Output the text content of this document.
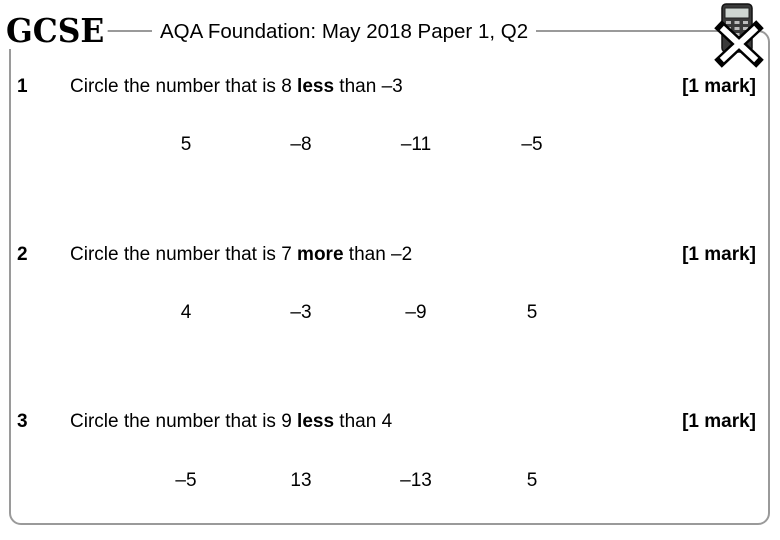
GCSE	AQA Foundation: May 2018 Paper 1, Q2
1 Circle the number that is 8 less than –3	[1 mark]
5	–8	–11	–5
2 Circle the number that is 7 more than –2	[1 mark]
4	–3	–9	5
3 Circle the number that is 9 less than 4	[1 mark]
–5	13	–13	5
